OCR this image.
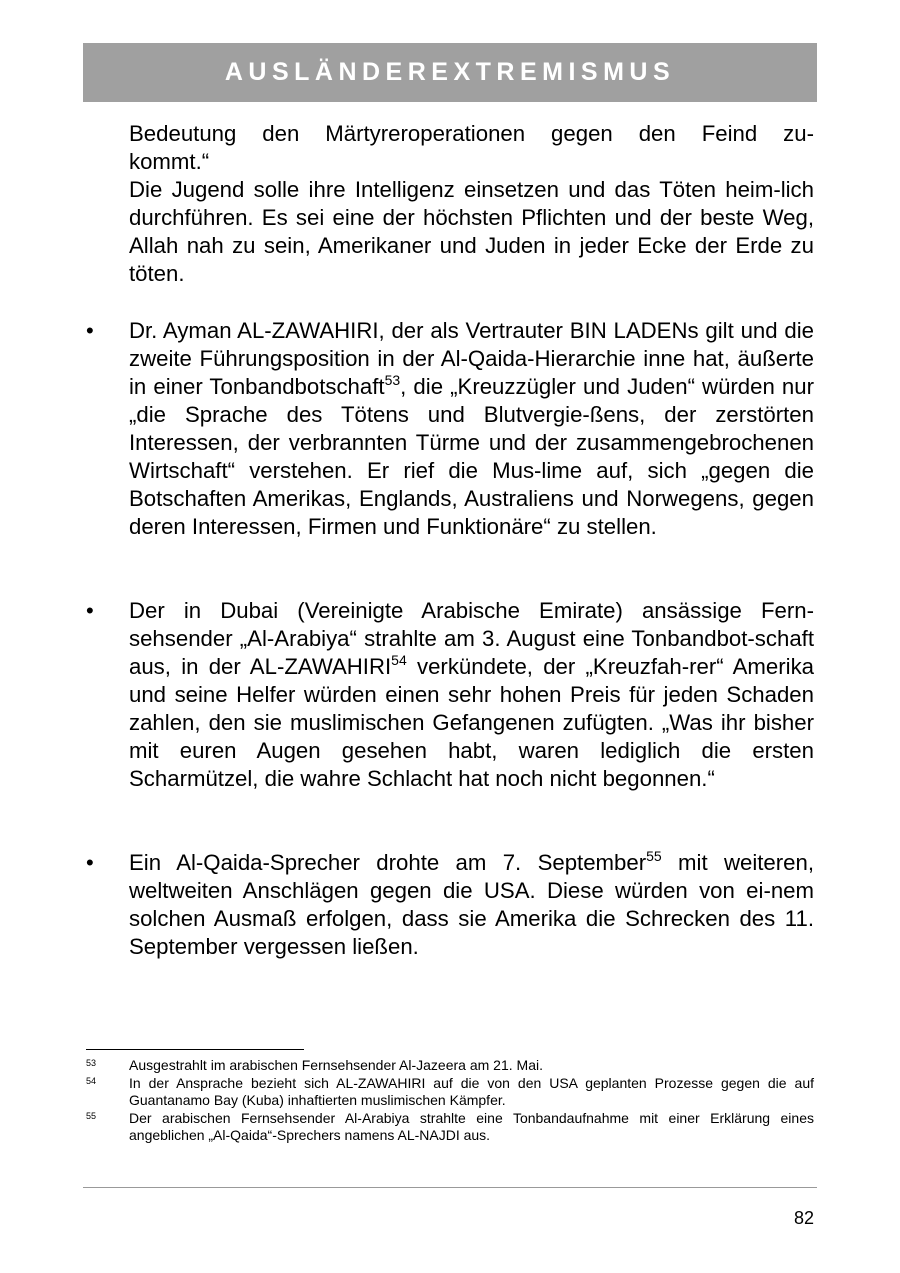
AUSLÄNDEREXTREMISMUS

Bedeutung den Märtyreroperationen gegen den Feind zu-

kommt.“

Die Jugend solle ihre Intelligenz einsetzen und das Töten heim-lich durchführen. Es sei eine der höchsten Pflichten und der beste Weg, Allah nah zu sein, Amerikaner und Juden in jeder Ecke der Erde zu töten.

• Dr. Ayman AL-ZAWAHIRI, der als Vertrauter BIN LADENs gilt und die zweite Führungsposition in der Al-Qaida-Hierarchie inne hat, äußerte in einer Tonbandbotschaft$^{53}$, die „Kreuzzügler und Juden“ würden nur „die Sprache des Tötens und Blutvergie-ßens, der zerstörten Interessen, der verbrannten Türme und der zusammengebrochenen Wirtschaft“ verstehen. Er rief die Mus-lime auf, sich „gegen die Botschaften Amerikas, Englands, Australiens und Norwegens, gegen deren Interessen, Firmen und Funktionäre“ zu stellen.

• Der in Dubai (Vereinigte Arabische Emirate) ansässige Fern-sehsender „Al-Arabiya“ strahlte am 3. August eine Tonbandbot-schaft aus, in der AL-ZAWAHIRI$^{54}$ verkündete, der „Kreuzfah-rer“ Amerika und seine Helfer würden einen sehr hohen Preis für jeden Schaden zahlen, den sie muslimischen Gefangenen zufügten. „Was ihr bisher mit euren Augen gesehen habt, waren lediglich die ersten Scharmützel, die wahre Schlacht hat noch nicht begonnen.“

• Ein Al-Qaida-Sprecher drohte am 7. September$^{55}$ mit weiteren, weltweiten Anschlägen gegen die USA. Diese würden von ei-nem solchen Ausmaß erfolgen, dass sie Amerika die Schrecken des 11. September vergessen ließen.

53 Ausgestrahlt im arabischen Fernsehsender Al-Jazeera am 21. Mai.
54 In der Ansprache bezieht sich AL-ZAWAHIRI auf die von den USA geplanten Prozesse gegen die auf Guantanamo Bay (Kuba) inhaftierten muslimischen Kämpfer.
55 Der arabischen Fernsehsender Al-Arabiya strahlte eine Tonbandaufnahme mit einer Erklärung eines angeblichen „Al-Qaida“-Sprechers namens AL-NAJDI aus.
82
